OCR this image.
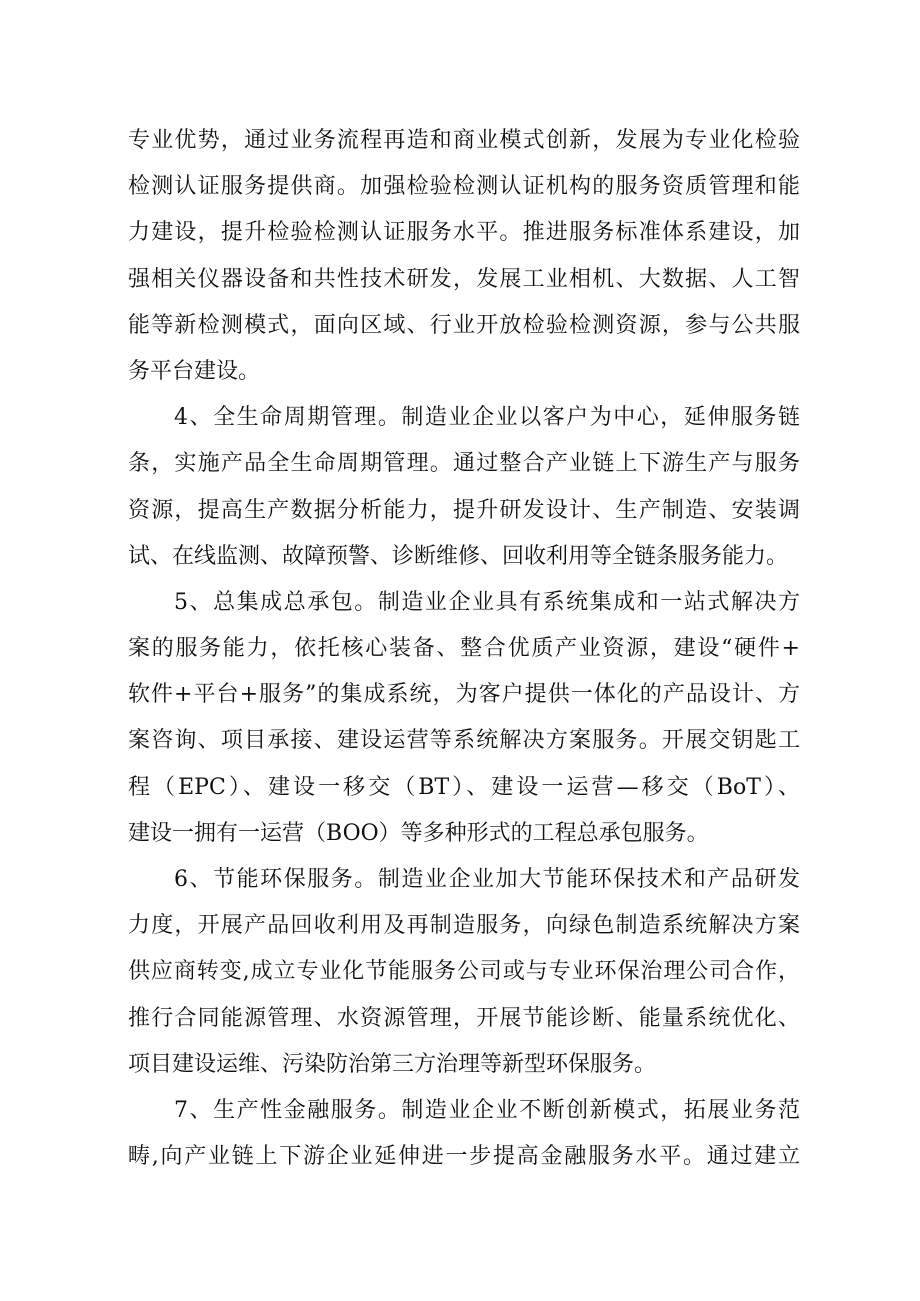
专业优势，通过业务流程再造和商业模式创新，发展为专业化检验
检测认证服务提供商。加强检验检测认证机构的服务资质管理和能
力建设，提升检验检测认证服务水平。推进服务标准体系建设，加
强相关仪器设备和共性技术研发，发展工业相机、大数据、人工智
能等新检测模式，面向区域、行业开放检验检测资源，参与公共服
务平台建设。
4、全生命周期管理。制造业企业以客户为中心，延伸服务链
条，实施产品全生命周期管理。通过整合产业链上下游生产与服务
资源，提高生产数据分析能力，提升研发设计、生产制造、安装调
试、在线监测、故障预警、诊断维修、回收利用等全链条服务能力。
5、总集成总承包。制造业企业具有系统集成和一站式解决方
案的服务能力，依托核心装备、整合优质产业资源，建设“硬件+
软件+平台+服务”的集成系统，为客户提供一体化的产品设计、方
案咨询、项目承接、建设运营等系统解决方案服务。开展交钥匙工
程（EPC）、建设一移交（BT）、建设一运营—移交（BoT）、
建设一拥有一运营（BOO）等多种形式的工程总承包服务。
6、节能环保服务。制造业企业加大节能环保技术和产品研发
力度，开展产品回收利用及再制造服务，向绿色制造系统解决方案
供应商转变,成立专业化节能服务公司或与专业环保治理公司合作，
推行合同能源管理、水资源管理，开展节能诊断、能量系统优化、
项目建设运维、污染防治第三方治理等新型环保服务。
7、生产性金融服务。制造业企业不断创新模式，拓展业务范
畴,向产业链上下游企业延伸进一步提高金融服务水平。通过建立
